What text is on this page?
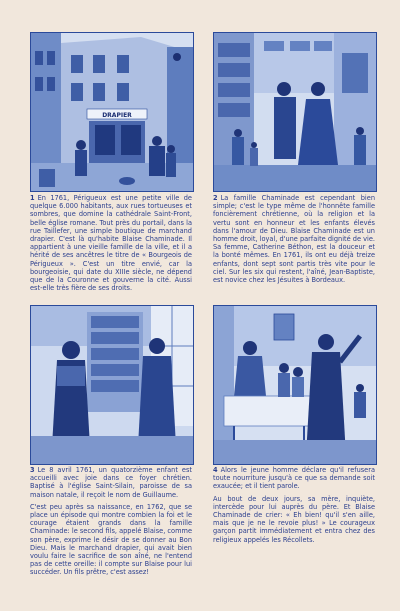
DRAPIER

1 En 1761, Périgueux est une petite ville de quelque 6.000 habitants, aux rues tortueuses et sombres, que domine la cathédrale Saint-Front, belle église romane. Tout près du portail, dans la rue Taillefer, une simple boutique de marchand drapier. C'est là qu'habite Blaise Chaminade. Il appartient à une vieille famille de la ville, et il a hérité de ses ancêtres le titre de « Bourgeois de Périgueux ». C'est un titre envié, car la bourgeoisie, qui date du XIIIe siècle, ne dépend que de la Couronne et gouverne la cité. Aussi est-elle très fière de ses droits.

2 La famille Chaminade est cependant bien simple; c'est le type même de l'honnête famille foncièrement chrétienne, où la religion et la vertu sont en honneur et les enfants élevés dans l'amour de Dieu. Blaise Chaminade est un homme droit, loyal, d'une parfaite dignité de vie. Sa femme, Catherine Béthon, est la douceur et la bonté mêmes. En 1761, ils ont eu déjà treize enfants, dont sept sont partis très vite pour le ciel. Sur les six qui restent, l'aîné, Jean-Baptiste, est novice chez les Jésuites à Bordeaux.

3 Le 8 avril 1761, un quatorzième enfant est accueilli avec joie dans ce foyer chrétien. Baptisé à l'église Saint-Silain, paroisse de sa maison natale, il reçoit le nom de Guillaume.

C'est peu après sa naissance, en 1762, que se place un épisode qui montre combien la foi et le courage étaient grands dans la famille Chaminade: le second fils, appelé Blaise, comme son père, exprime le désir de se donner au Bon Dieu. Mais le marchand drapier, qui avait bien voulu faire le sacrifice de son aîné, ne l'entend pas de cette oreille: il compte sur Blaise pour lui succéder. Un fils prêtre, c'est assez!

4 Alors le jeune homme déclare qu'il refusera toute nourriture jusqu'à ce que sa demande soit exaucée; et il tient parole.

Au bout de deux jours, sa mère, inquiète, intercède pour lui auprès du père. Et Blaise Chaminade de crier: « Eh bien! qu'il s'en aille, mais que je ne le revoie plus! » Le courageux garçon partit immédiatement et entra chez des religieux appelés les Récollets.
